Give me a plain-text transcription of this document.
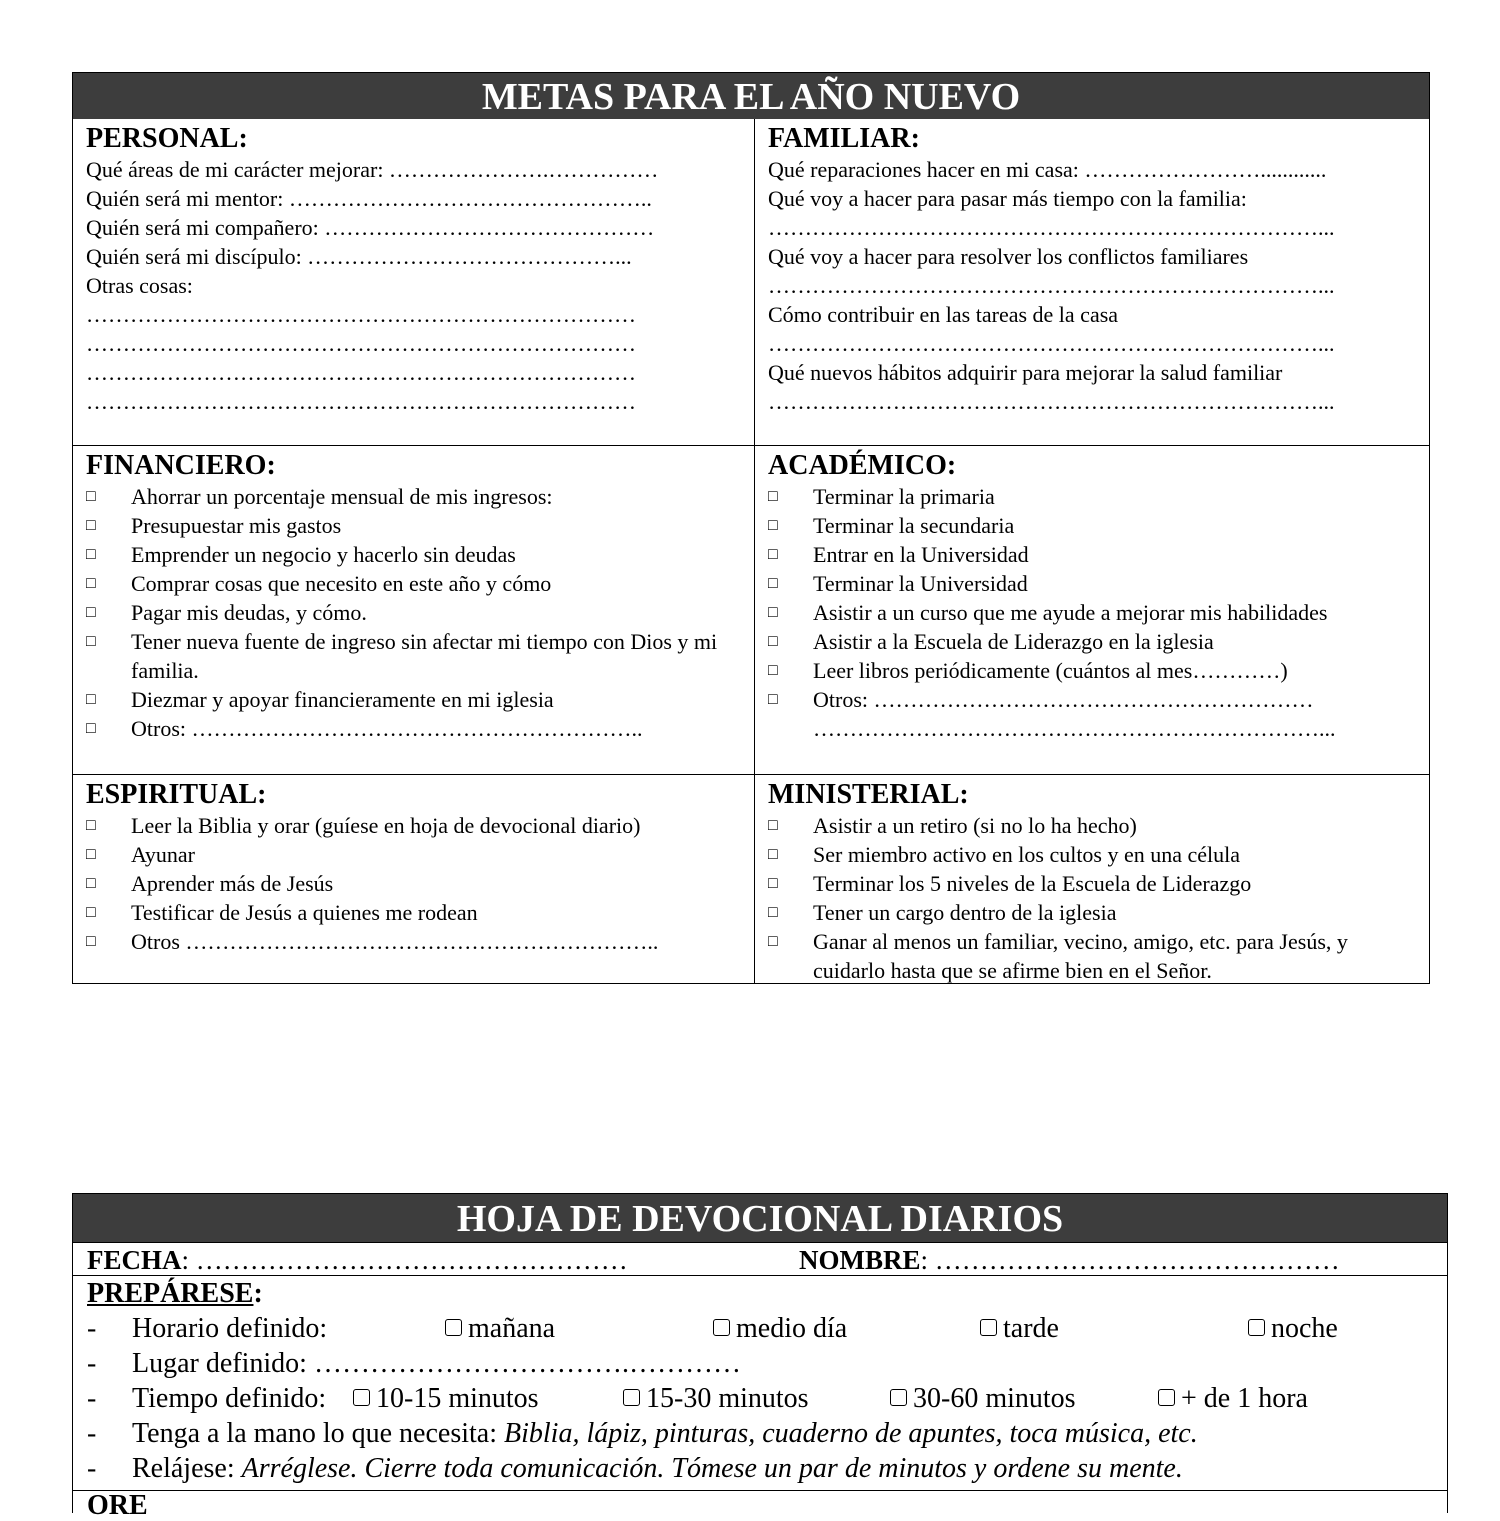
METAS PARA EL AÑO NUEVO
PERSONAL:
Qué áreas de mi carácter mejorar: ………………….……………
Quién será mi mentor: …………………………………………..
Quién será mi compañero: ………………………………………
Quién será mi discípulo: ……………………………………...
Otras cosas:
…………………………………………………………………
…………………………………………………………………
…………………………………………………………………
…………………………………………………………………
FAMILIAR:
Qué reparaciones hacer en mi casa: ……………………............
Qué voy a hacer para pasar más tiempo con la familia:
…………………………………………………………………...
Qué voy a hacer para resolver los conflictos familiares
…………………………………………………………………...
Cómo contribuir en las tareas de la casa
…………………………………………………………………...
Qué nuevos hábitos adquirir para mejorar la salud familiar
…………………………………………………………………...
FINANCIERO:
□	Ahorrar un porcentaje mensual de mis ingresos:
□	Presupuestar mis gastos
□	Emprender un negocio y hacerlo sin deudas
□	Comprar cosas que necesito en este año y cómo
□	Pagar mis deudas, y cómo.
□	Tener nueva fuente de ingreso sin afectar mi tiempo con Dios y mi familia.
□	Diezmar y apoyar financieramente en mi iglesia
□	Otros: ……………………………………………………..
ACADÉMICO:
□	Terminar la primaria
□	Terminar la secundaria
□	Entrar en la Universidad
□	Terminar la Universidad
□	Asistir a un curso que me ayude a mejorar mis habilidades
□	Asistir a la Escuela de Liderazgo en la iglesia
□	Leer libros periódicamente (cuántos al mes…………)
□	Otros: ……………………………………………………
……………………………………………………………...
ESPIRITUAL:
□	Leer la Biblia y orar (guíese en hoja de devocional diario)
□	Ayunar
□	Aprender más de Jesús
□	Testificar de Jesús a quienes me rodean
□	Otros ………………………………………………………..
MINISTERIAL:
□	Asistir a un retiro (si no lo ha hecho)
□	Ser miembro activo en los cultos y en una célula
□	Terminar los 5 niveles de la Escuela de Liderazgo
□	Tener un cargo dentro de la iglesia
□	Ganar al menos un familiar, vecino, amigo, etc. para Jesús, y cuidarlo hasta que se afirme bien en el Señor.
HOJA DE DEVOCIONAL DIARIOS
FECHA: …………………………………………	NOMBRE: ………………………………………
PREPÁRESE:
- Horario definido:	mañana	medio día	tarde	noche
- Lugar definido: …………………………….…………
- Tiempo definido:	10-15 minutos	15-30 minutos	30-60 minutos	+ de 1 hora
- Tenga a la mano lo que necesita: Biblia, lápiz, pinturas, cuaderno de apuntes, toca música, etc.
- Relájese: Arréglese. Cierre toda comunicación. Tómese un par de minutos y ordene su mente.
ORE
